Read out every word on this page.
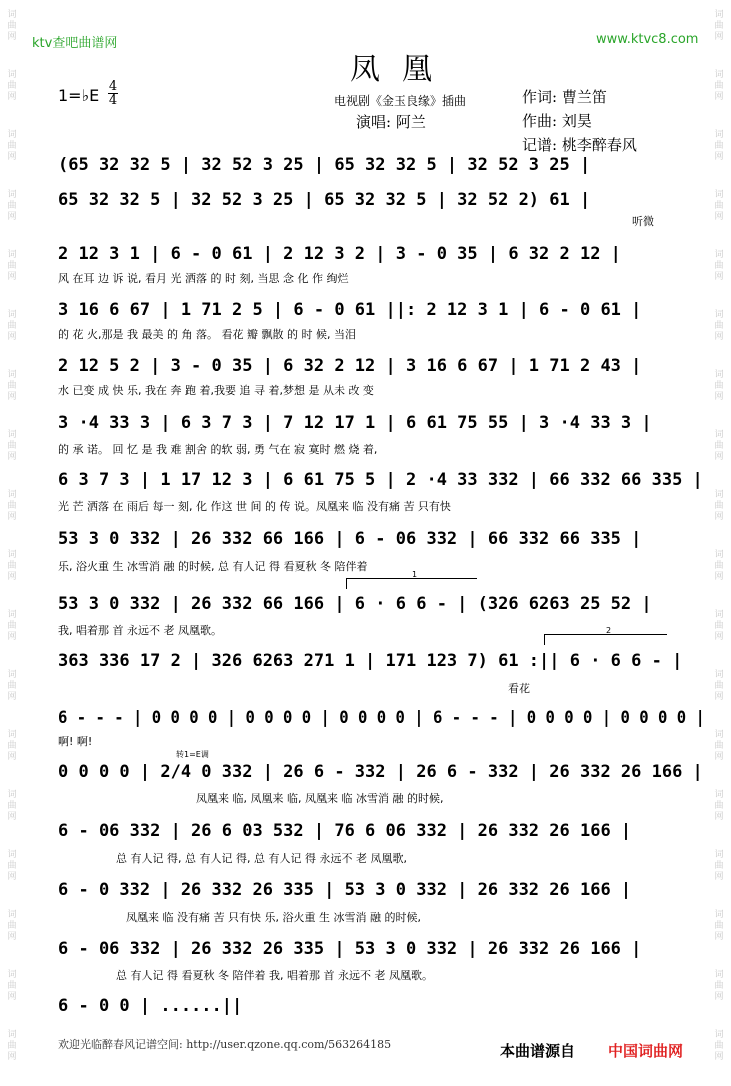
词曲网
词曲网
词曲网
词曲网
词曲网
词曲网
词曲网
词曲网
词曲网
词曲网
词曲网
词曲网
词曲网
词曲网
词曲网
词曲网
词曲网
词曲网
词曲网
词曲网
词曲网
词曲网
词曲网
词曲网
词曲网
词曲网
词曲网
词曲网
词曲网
词曲网
词曲网
词曲网
词曲网
词曲网
词曲网
词曲网
ktv查吧曲谱网	www.ktvc8.com
凤凰
1=♭E 4
4	电视剧《金玉良缘》插曲
演唱: 阿兰
作词: 曹兰笛
作曲: 刘昊
记谱: 桃李醉春风
(65 32 32 5 | 32 52 3 25 | 65 32 32 5 | 32 52 3 25 |
65 32 32 5 | 32 52 3 25 | 65 32 32 5 | 32 52 2) 61 |
听微
2 12 3 1 | 6 - 0 61 | 2 12 3 2 | 3 - 0 35 | 6 32 2 12 |
风 在耳 边 诉 说, 看月 光 洒落 的 时 刻, 当思 念 化 作 绚烂
3 16 6 67 | 1 71 2 5 | 6 - 0 61 ||: 2 12 3 1 | 6 - 0 61 |
的 花 火,那是 我 最美 的 角 落。 看花 瓣 飘散 的 时 候, 当泪
2 12 5 2 | 3 - 0 35 | 6 32 2 12 | 3 16 6 67 | 1 71 2 43 |
水 已变 成 快 乐, 我在 奔 跑 着,我要 追 寻 着,梦想 是 从未 改 变
3 ·4 33 3 | 6 3 7 3 | 7 12 17 1 | 6 61 75 55 | 3 ·4 33 3 |
的 承 诺。 回 忆 是 我 难 割舍 的软 弱, 勇 气在 寂 寞时 燃 烧 着,
6 3 7 3 | 1 17 12 3 | 6 61 75 5 | 2 ·4 33 332 | 66 332 66 335 |
光 芒 洒落 在 雨后 每一 刻, 化 作这 世 间 的 传 说。凤凰来 临 没有痛 苦 只有快
53 3 0 332 | 26 332 66 166 | 6 - 06 332 | 66 332 66 335 |
乐, 浴火重 生 冰雪消 融 的时候, 总 有人记 得 看夏秋 冬 陪伴着
1
53 3 0 332 | 26 332 66 166 | 6 · 6 6 - | (326 6263 25 52 |
我, 唱着那 首 永远不 老 凤凰歌。	2
363 336 17 2 | 326 6263 271 1 | 171 123 7) 61 :|| 6 · 6 6 - |
看花
6 - - - | 0 0 0 0 | 0 0 0 0 | 0 0 0 0 | 6 - - - | 0 0 0 0 | 0 0 0 0 |
啊! 啊!
转1=E调
0 0 0 0 | 2/4 0 332 | 26 6 - 332 | 26 6 - 332 | 26 332 26 166 |
凤凰来 临, 凤凰来 临, 凤凰来 临 冰雪消 融 的时候,
6 - 06 332 | 26 6 03 532 | 76 6 06 332 | 26 332 26 166 |
总 有人记 得, 总 有人记 得, 总 有人记 得 永远不 老 凤凰歌,
6 - 0 332 | 26 332 26 335 | 53 3 0 332 | 26 332 26 166 |
凤凰来 临 没有痛 苦 只有快 乐, 浴火重 生 冰雪消 融 的时候,
6 - 06 332 | 26 332 26 335 | 53 3 0 332 | 26 332 26 166 |
总 有人记 得 看夏秋 冬 陪伴着 我, 唱着那 首 永远不 老 凤凰歌。
6 - 0 0 | ......||
欢迎光临醉春风记谱空间: http://user.qzone.qq.com/563264185	本曲谱源自 中国词曲网
